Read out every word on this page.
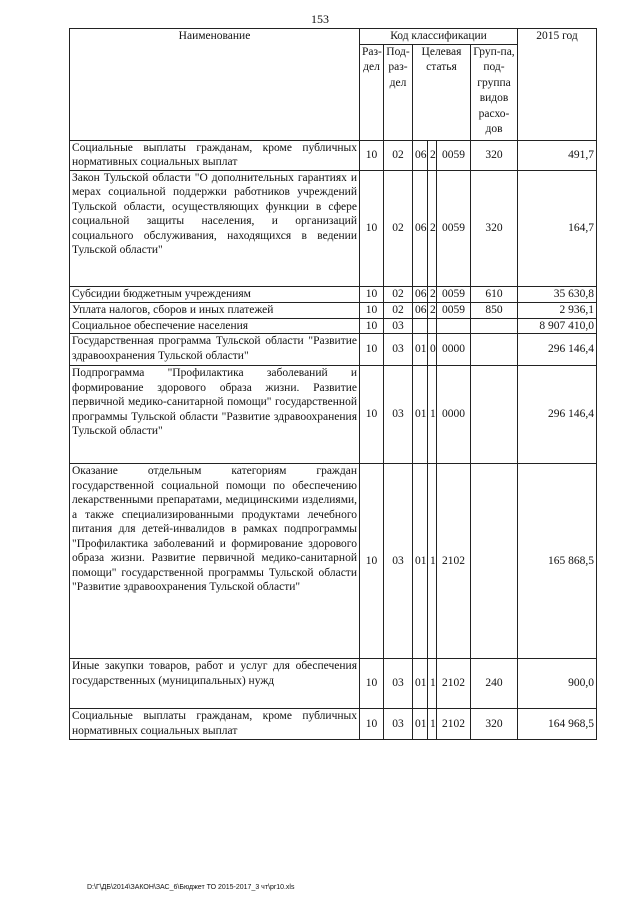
153
Наименование	Код классификации						2015 год
	Раз-дел	Под-раз-дел	Целевая статья			Груп-па, под-группа видов расхо-дов	
Социальные выплаты гражданам, кроме публичных нормативных социальных выплат	10	02	06	2	0059	320	491,7
Закон Тульской области "О дополнительных гарантиях и мерах социальной поддержки работников учреждений Тульской области, осуществляющих функции в сфере социальной защиты населения, и организаций социального обслуживания, находящихся в ведении Тульской области"	10	02	06	2	0059	320	164,7
Субсидии бюджетным учреждениям	10	02	06	2	0059	610	35 630,8
Уплата налогов, сборов и иных платежей	10	02	06	2	0059	850	2 936,1
Социальное обеспечение населения	10	03					8 907 410,0
Государственная программа Тульской области "Развитие здравоохранения Тульской области"	10	03	01	0	0000		296 146,4
Подпрограмма "Профилактика заболеваний и формирование здорового образа жизни. Развитие первичной медико-санитарной помощи" государственной программы Тульской области "Развитие здравоохранения Тульской области"	10	03	01	1	0000		296 146,4
Оказание отдельным категориям граждан государственной социальной помощи по обеспечению лекарственными препаратами, медицинскими изделиями, а также специализированными продуктами лечебного питания для детей-инвалидов в рамках подпрограммы "Профилактика заболеваний и формирование здорового образа жизни. Развитие первичной медико-санитарной помощи" государственной программы Тульской области "Развитие здравоохранения Тульской области"	10	03	01	1	2102		165 868,5
Иные закупки товаров, работ и услуг для обеспечения государственных (муниципальных) нужд	10	03	01	1	2102	240	900,0
Социальные выплаты гражданам, кроме публичных нормативных социальных выплат	10	03	01	1	2102	320	164 968,5
D:\Г\ДБ\2014\ЗАКОН\ЗАС_6\Бюджет ТО 2015-2017_3 чт\pr10.xls
